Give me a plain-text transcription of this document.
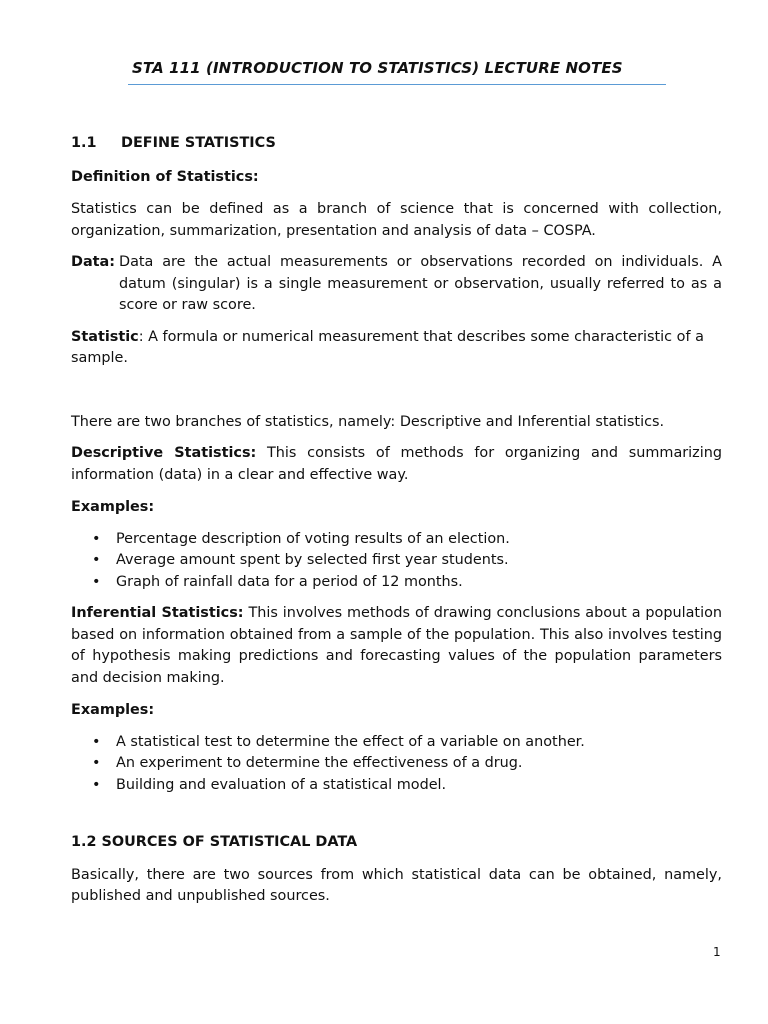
STA 111 (INTRODUCTION TO STATISTICS) LECTURE NOTES

1.1 DEFINE STATISTICS

Definition of Statistics:

Statistics can be defined as a branch of science that is concerned with collection, organization, summarization, presentation and analysis of data – COSPA.

Data: Data are the actual measurements or observations recorded on individuals. A datum (singular) is a single measurement or observation, usually referred to as a score or raw score.

Statistic: A formula or numerical measurement that describes some characteristic of a sample.

There are two branches of statistics, namely: Descriptive and Inferential statistics.

Descriptive Statistics: This consists of methods for organizing and summarizing information (data) in a clear and effective way.

Examples:

• Percentage description of voting results of an election.
• Average amount spent by selected first year students.
• Graph of rainfall data for a period of 12 months.

Inferential Statistics: This involves methods of drawing conclusions about a population based on information obtained from a sample of the population. This also involves testing of hypothesis making predictions and forecasting values of the population parameters and decision making.

Examples:

• A statistical test to determine the effect of a variable on another.
• An experiment to determine the effectiveness of a drug.
• Building and evaluation of a statistical model.

1.2 SOURCES OF STATISTICAL DATA

Basically, there are two sources from which statistical data can be obtained, namely, published and unpublished sources.

1
